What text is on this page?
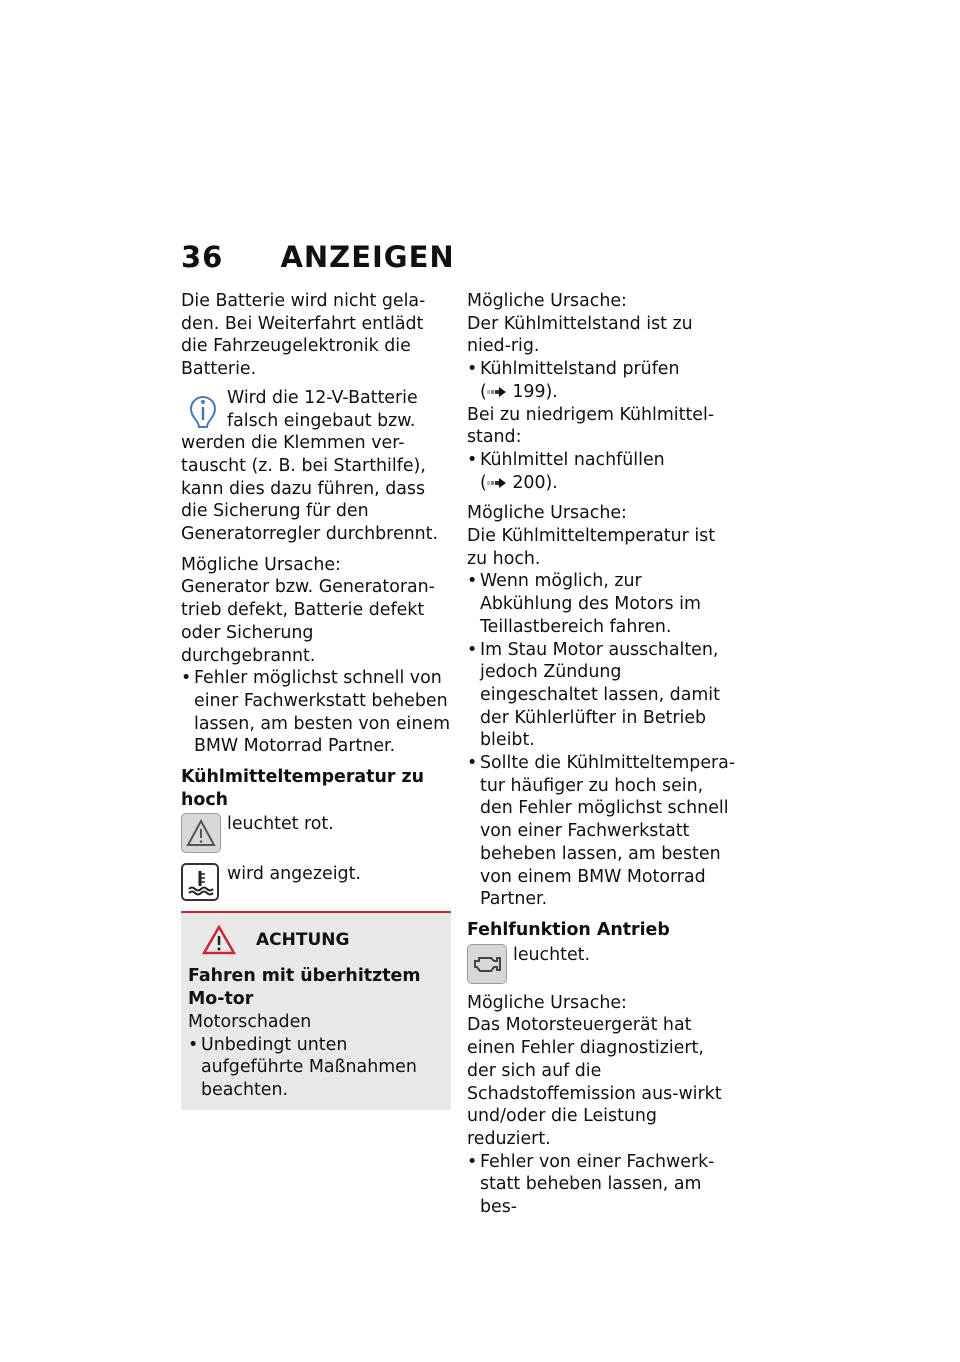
36 ANZEIGEN

Die Batterie wird nicht gela-den. Bei Weiterfahrt entlädt die Fahrzeugelektronik die Batterie.

Wird die 12-V-Batterie falsch eingebaut bzw.

werden die Klemmen ver-tauscht (z. B. bei Starthilfe), kann dies dazu führen, dass die Sicherung für den Generatorregler durchbrennt.

Mögliche Ursache:

Generator bzw. Generatoran-trieb defekt, Batterie defekt oder Sicherung durchgebrannt.

• Fehler möglichst schnell von einer Fachwerkstatt beheben lassen, am besten von einem BMW Motorrad Partner.

Kühlmitteltemperatur zu hoch

leuchtet rot.

wird angezeigt.

ACHTUNG

Fahren mit überhitztem Mo-tor

Motorschaden

• Unbedingt unten aufgeführte Maßnahmen beachten.

Mögliche Ursache:

Der Kühlmittelstand ist zu nied-rig.

• Kühlmittelstand prüfen
( 199).

Bei zu niedrigem Kühlmittel-stand:

• Kühlmittel nachfüllen
( 200).

Mögliche Ursache:

Die Kühlmitteltemperatur ist zu hoch.

• Wenn möglich, zur Abkühlung des Motors im Teillastbereich fahren.

• Im Stau Motor ausschalten, jedoch Zündung eingeschaltet lassen, damit der Kühlerlüfter in Betrieb bleibt.

• Sollte die Kühlmitteltempera-tur häufiger zu hoch sein, den Fehler möglichst schnell von einer Fachwerkstatt beheben lassen, am besten von einem BMW Motorrad Partner.

Fehlfunktion Antrieb

leuchtet.

Mögliche Ursache:

Das Motorsteuergerät hat einen Fehler diagnostiziert, der sich auf die Schadstoffemission aus-wirkt und/oder die Leistung reduziert.

• Fehler von einer Fachwerk-statt beheben lassen, am bes-
